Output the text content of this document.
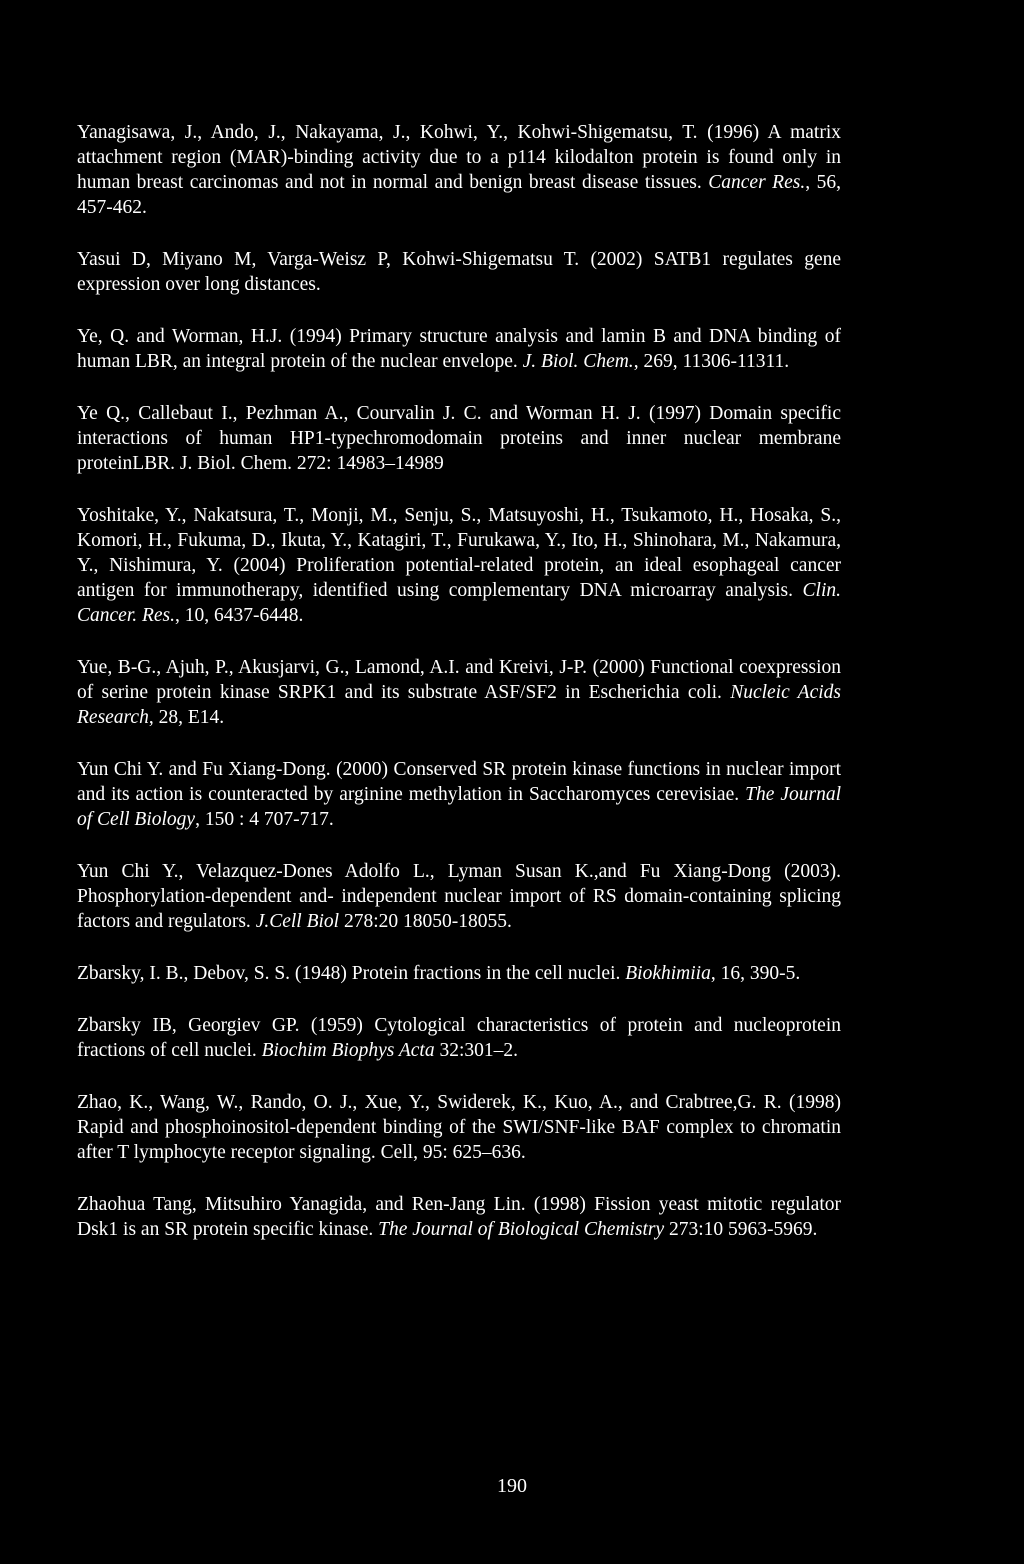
Yanagisawa, J., Ando, J., Nakayama, J., Kohwi, Y., Kohwi-Shigematsu, T. (1996) A matrix attachment region (MAR)-binding activity due to a p114 kilodalton protein is found only in human breast carcinomas and not in normal and benign breast disease tissues. Cancer Res., 56, 457-462.

Yasui D, Miyano M, Varga-Weisz P, Kohwi-Shigematsu T. (2002) SATB1 regulates gene expression over long distances.

Ye, Q. and Worman, H.J. (1994) Primary structure analysis and lamin B and DNA binding of human LBR, an integral protein of the nuclear envelope. J. Biol. Chem., 269, 11306-11311.

Ye Q., Callebaut I., Pezhman A., Courvalin J. C. and Worman H. J. (1997) Domain specific interactions of human HP1-typechromodomain proteins and inner nuclear membrane proteinLBR. J. Biol. Chem. 272: 14983–14989

Yoshitake, Y., Nakatsura, T., Monji, M., Senju, S., Matsuyoshi, H., Tsukamoto, H., Hosaka, S., Komori, H., Fukuma, D., Ikuta, Y., Katagiri, T., Furukawa, Y., Ito, H., Shinohara, M., Nakamura, Y., Nishimura, Y. (2004) Proliferation potential-related protein, an ideal esophageal cancer antigen for immunotherapy, identified using complementary DNA microarray analysis. Clin. Cancer. Res., 10, 6437-6448.

Yue, B-G., Ajuh, P., Akusjarvi, G., Lamond, A.I. and Kreivi, J-P. (2000) Functional coexpression of serine protein kinase SRPK1 and its substrate ASF/SF2 in Escherichia coli. Nucleic Acids Research, 28, E14.

Yun Chi Y. and Fu Xiang-Dong. (2000) Conserved SR protein kinase functions in nuclear import and its action is counteracted by arginine methylation in Saccharomyces cerevisiae. The Journal of Cell Biology, 150 : 4 707-717.

Yun Chi Y., Velazquez-Dones Adolfo L., Lyman Susan K.,and Fu Xiang-Dong (2003). Phosphorylation-dependent and- independent nuclear import of RS domain-containing splicing factors and regulators. J.Cell Biol 278:20 18050-18055.

Zbarsky, I. B., Debov, S. S. (1948) Protein fractions in the cell nuclei. Biokhimiia, 16, 390-5.

Zbarsky IB, Georgiev GP. (1959) Cytological characteristics of protein and nucleoprotein fractions of cell nuclei. Biochim Biophys Acta 32:301–2.

Zhao, K., Wang, W., Rando, O. J., Xue, Y., Swiderek, K., Kuo, A., and Crabtree,G. R. (1998) Rapid and phosphoinositol-dependent binding of the SWI/SNF-like BAF complex to chromatin after T lymphocyte receptor signaling. Cell, 95: 625–636.

Zhaohua Tang, Mitsuhiro Yanagida, and Ren-Jang Lin. (1998) Fission yeast mitotic regulator Dsk1 is an SR protein specific kinase. The Journal of Biological Chemistry 273:10 5963-5969.

190
